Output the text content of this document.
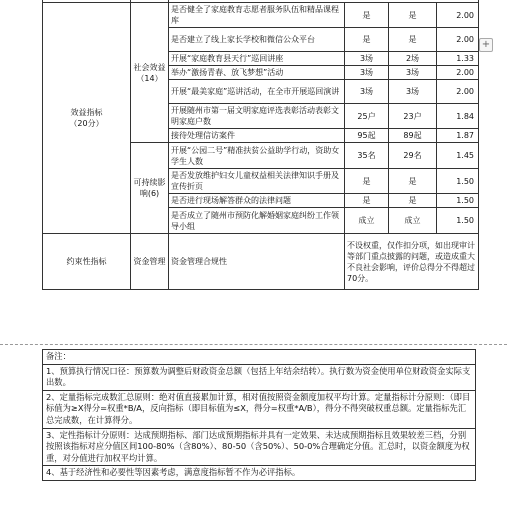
效益指标
（20分）	社会效益（14）	是否健全了家庭教育志愿者服务队伍和精品课程库	是	是	2.00
		是否建立了线上家长学校和微信公众平台	是	是	2.00
		开展“家庭教育县天行”巡回讲座	3场	2场	1.33
		举办“激扬青春、放飞梦想”活动	3场	3场	2.00
		开展“最美家庭”巡讲活动，在全市开展巡回演讲	3场	3场	2.00
		开展随州市第一届文明家庭评选表彰活动表彰文明家庭户数	25户	23户	1.84
		接待处理信访案件	95起	89起	1.87
	可持续影响(6)	开展“公园二号”精准扶贫公益助学行动，资助女学生人数	35名	29名	1.45
		是否发放维护妇女儿童权益相关法律知识手册及宣传折页	是	是	1.50
		是否进行现场解答群众的法律问题	是	是	1.50
		是否成立了随州市预防化解婚姻家庭纠纷工作领导小组	成立	成立	1.50
约束性指标	资金管理	资金管理合规性	不设权重，仅作扣分项，如出现审计等部门重点披露的问题，或造成重大不良社会影响，评价总得分不得超过70分。		
+
备注：
1、预算执行情况口径：预算数为调整后财政资金总额（包括上年结余结转）。执行数为资金使用单位财政资金实际支出数。
2、定量指标完成数汇总原则：绝对值直接累加计算，相对值按照资金额度加权平均计算。定量指标计分原则：（即目标值为≥X得分=权重*B/A，反向指标（即目标值为≤X，得分=权重*A/B），得分不得突破权重总额。定量指标先汇总完成数，在计算得分。
3、定性指标计分原则：达成预期指标、部门达成预期指标并具有一定效果、未达成预期指标且效果较差三档，分别按照该指标对应分值区间100-80%（含80%）、80-50（含50%）、50-0%合理确定分值。汇总时，以资金额度为权重，对分值进行加权平均计算。
4、基于经济性和必要性等因素考虑，满意度指标暂不作为必评指标。
